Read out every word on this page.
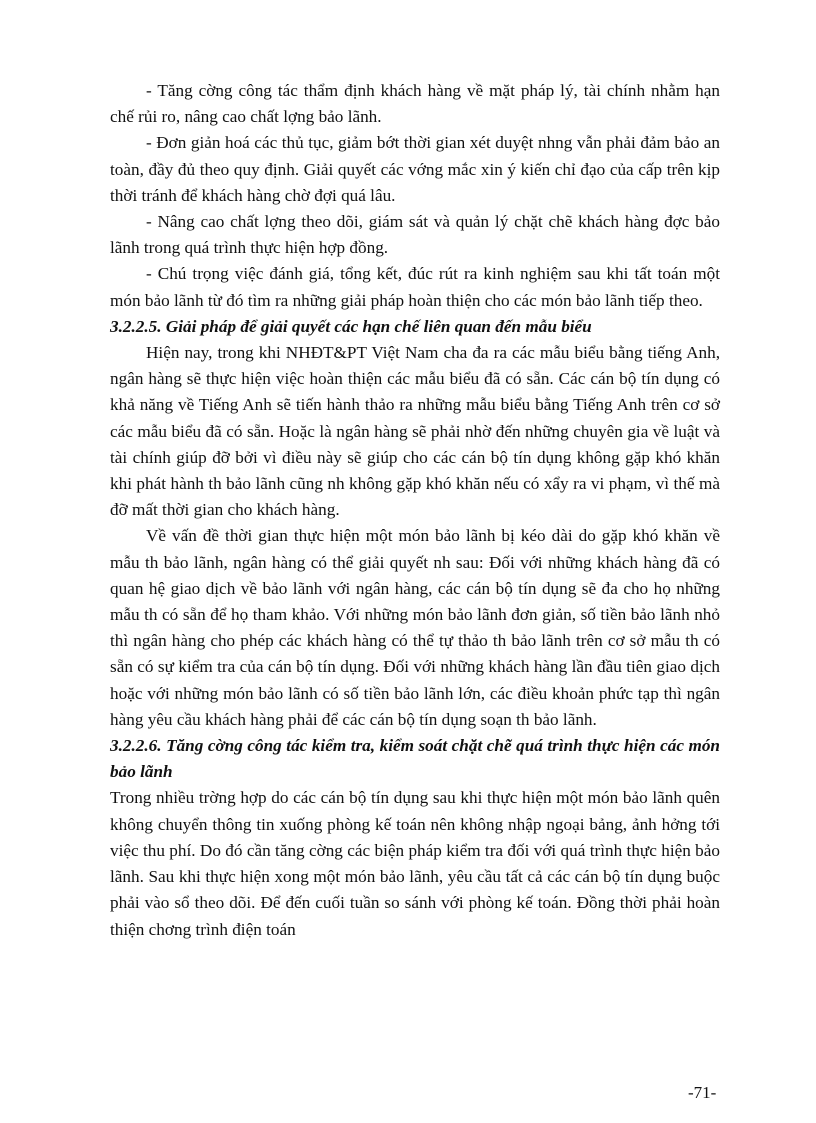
- Tăng cờng công tác thẩm định khách hàng về mặt pháp lý, tài chính nhằm hạn chế rủi ro, nâng cao chất lợng bảo lãnh.

- Đơn giản hoá các thủ tục, giảm bớt thời gian xét duyệt nhng vẫn phải đảm bảo an toàn, đầy đủ theo quy định. Giải quyết các vớng mắc xin ý kiến chỉ đạo của cấp trên kịp thời tránh để khách hàng chờ đợi quá lâu.

- Nâng cao chất lợng theo dõi, giám sát và quản lý chặt chẽ khách hàng đợc bảo lãnh trong quá trình thực hiện hợp đồng.

- Chú trọng việc đánh giá, tổng kết, đúc rút ra kinh nghiệm sau khi tất toán một món bảo lãnh từ đó tìm ra những giải pháp hoàn thiện cho các món bảo lãnh tiếp theo.

3.2.2.5. Giải pháp để giải quyết các hạn chế liên quan đến mẫu biểu

Hiện nay, trong khi NHĐT&PT Việt Nam cha đa ra các mẫu biểu bằng tiếng Anh, ngân hàng sẽ thực hiện việc hoàn thiện các mẫu biểu đã có sẵn. Các cán bộ tín dụng có khả năng về Tiếng Anh sẽ tiến hành thảo ra những mẫu biểu bằng Tiếng Anh trên cơ sở các mẫu biểu đã có sẵn. Hoặc là ngân hàng sẽ phải nhờ đến những chuyên gia về luật và tài chính giúp đỡ bởi vì điều này sẽ giúp cho các cán bộ tín dụng không gặp khó khăn khi phát hành th bảo lãnh cũng nh không gặp khó khăn nếu có xẩy ra vi phạm, vì thế mà đỡ mất thời gian cho khách hàng.

Về vấn đề thời gian thực hiện một món bảo lãnh bị kéo dài do gặp khó khăn về mẫu th bảo lãnh, ngân hàng có thể giải quyết nh sau: Đối với những khách hàng đã có quan hệ giao dịch về bảo lãnh với ngân hàng, các cán bộ tín dụng sẽ đa cho họ những mẫu th có sẵn để họ tham khảo. Với những món bảo lãnh đơn giản, số tiền bảo lãnh nhỏ thì ngân hàng cho phép các khách hàng có thể tự thảo th bảo lãnh trên cơ sở mẫu th có sẵn có sự kiểm tra của cán bộ tín dụng. Đối với những khách hàng lần đầu tiên giao dịch hoặc với những món bảo lãnh có số tiền bảo lãnh lớn, các điều khoản phức tạp thì ngân hàng yêu cầu khách hàng phải để các cán bộ tín dụng soạn th bảo lãnh.

3.2.2.6. Tăng cờng công tác kiểm tra, kiểm soát chặt chẽ quá trình thực hiện các món bảo lãnh

Trong nhiều trờng hợp do các cán bộ tín dụng sau khi thực hiện một món bảo lãnh quên không chuyển thông tin xuống phòng kế toán nên không nhập ngoại bảng, ảnh hởng tới việc thu phí. Do đó cần tăng cờng các biện pháp kiểm tra đối với quá trình thực hiện bảo lãnh. Sau khi thực hiện xong một món bảo lãnh, yêu cầu tất cả các cán bộ tín dụng buộc phải vào sổ theo dõi. Để đến cuối tuần so sánh với phòng kế toán. Đồng thời phải hoàn thiện chơng trình điện toán

-71-
